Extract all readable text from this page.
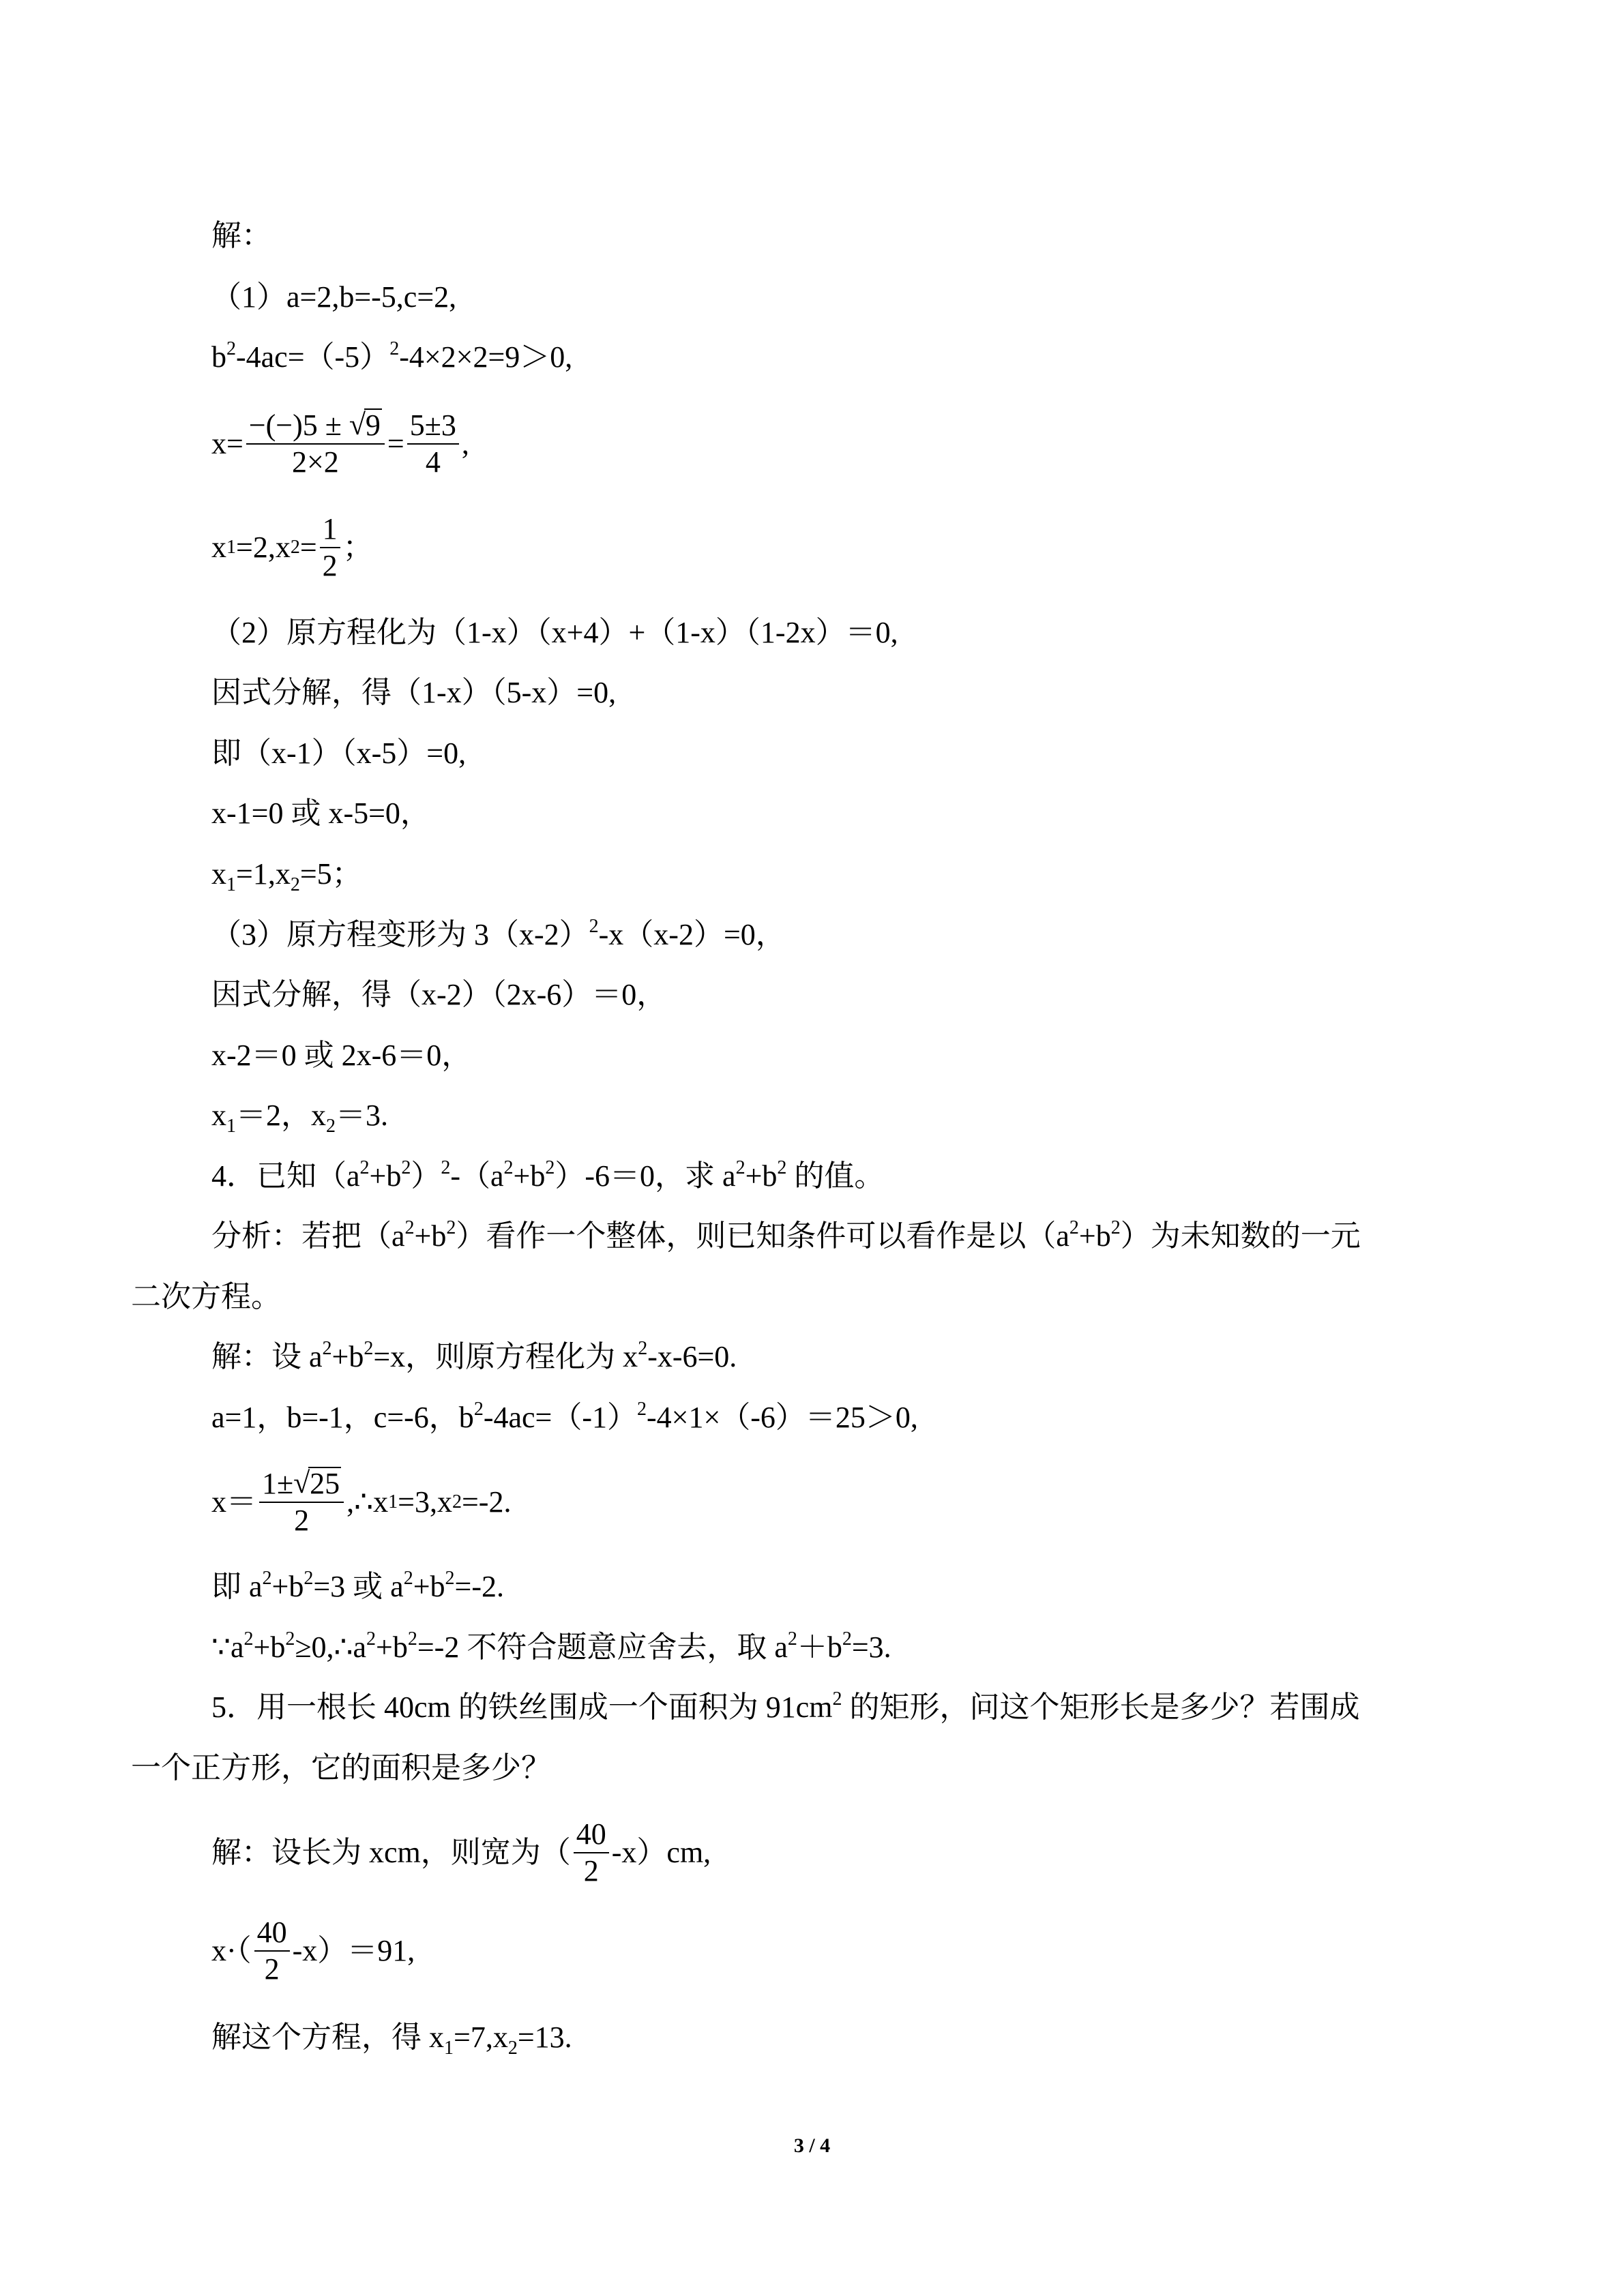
解：
（1）a=2,b=-5,c=2,
$b^2-4ac=(-5)^2-4\times 2\times 2=9>0$,
$x= \frac{-(-)5 \pm √ 9}{2\times 2} = \frac{5\pm 3}{4}$ ,
x 1 =2,x $2 = \frac{1}{2}$ ；
（2）原方程化为（1-x）（x+4）+（1-x）（1-2x）＝0,
因式分解，得（1-x）（5-x）=0,
即（x-1）（x-5）=0,
x-1=0 或 x-5=0，
$x_1=1,x_2=5$；
（3）原方程变形为 $3(x-2)^2-x(x-2)=0$，
因式分解，得（x-2）（2x-6）＝0，
x-2＝0 或 2x-6＝0，
$x_1=2$，$x_2=3$.
4．已知$(a^2+b^2)^2-(a^2+b^2)-6=0$，求 $a^2+b^2$ 的值。
分析：若把$(a^2+b^2)$看作一个整体，则已知条件可以看作是以$(a^2+b^2)$为未知数的一元
二次方程。
解：设 $a^2+b^2=x$，则原方程化为 $x^2-x-6=0$.
a=1，b=-1，c=-6，$b^2-4ac=(-1)^2-4\times 1\times(-6)=25>0$,
$x= \frac{1\pm √ 25}{2}$ ,∴x 1 =3,x 2 =-2.
即 $a^2+b^2=3$ 或 $a^2+b^2=-2$.
$\because a^2+b^2\ge 0,\therefore a^2+b^2=-2$ 不符合题意应舍去，取 $a^2+b^2=3$.
5．用一根长 40cm 的铁丝围成一个面积为 $91cm^2$ 的矩形，问这个矩形长是多少？若围成
一个正方形，它的面积是多少？
解：设长为 xcm，则宽为（ $\frac{40}{2} -x)cm$,
$x\cdot( \frac{40}{2} -x)=91$,
解这个方程，得 $x_1=7,x_2=13$.
3 / 4
